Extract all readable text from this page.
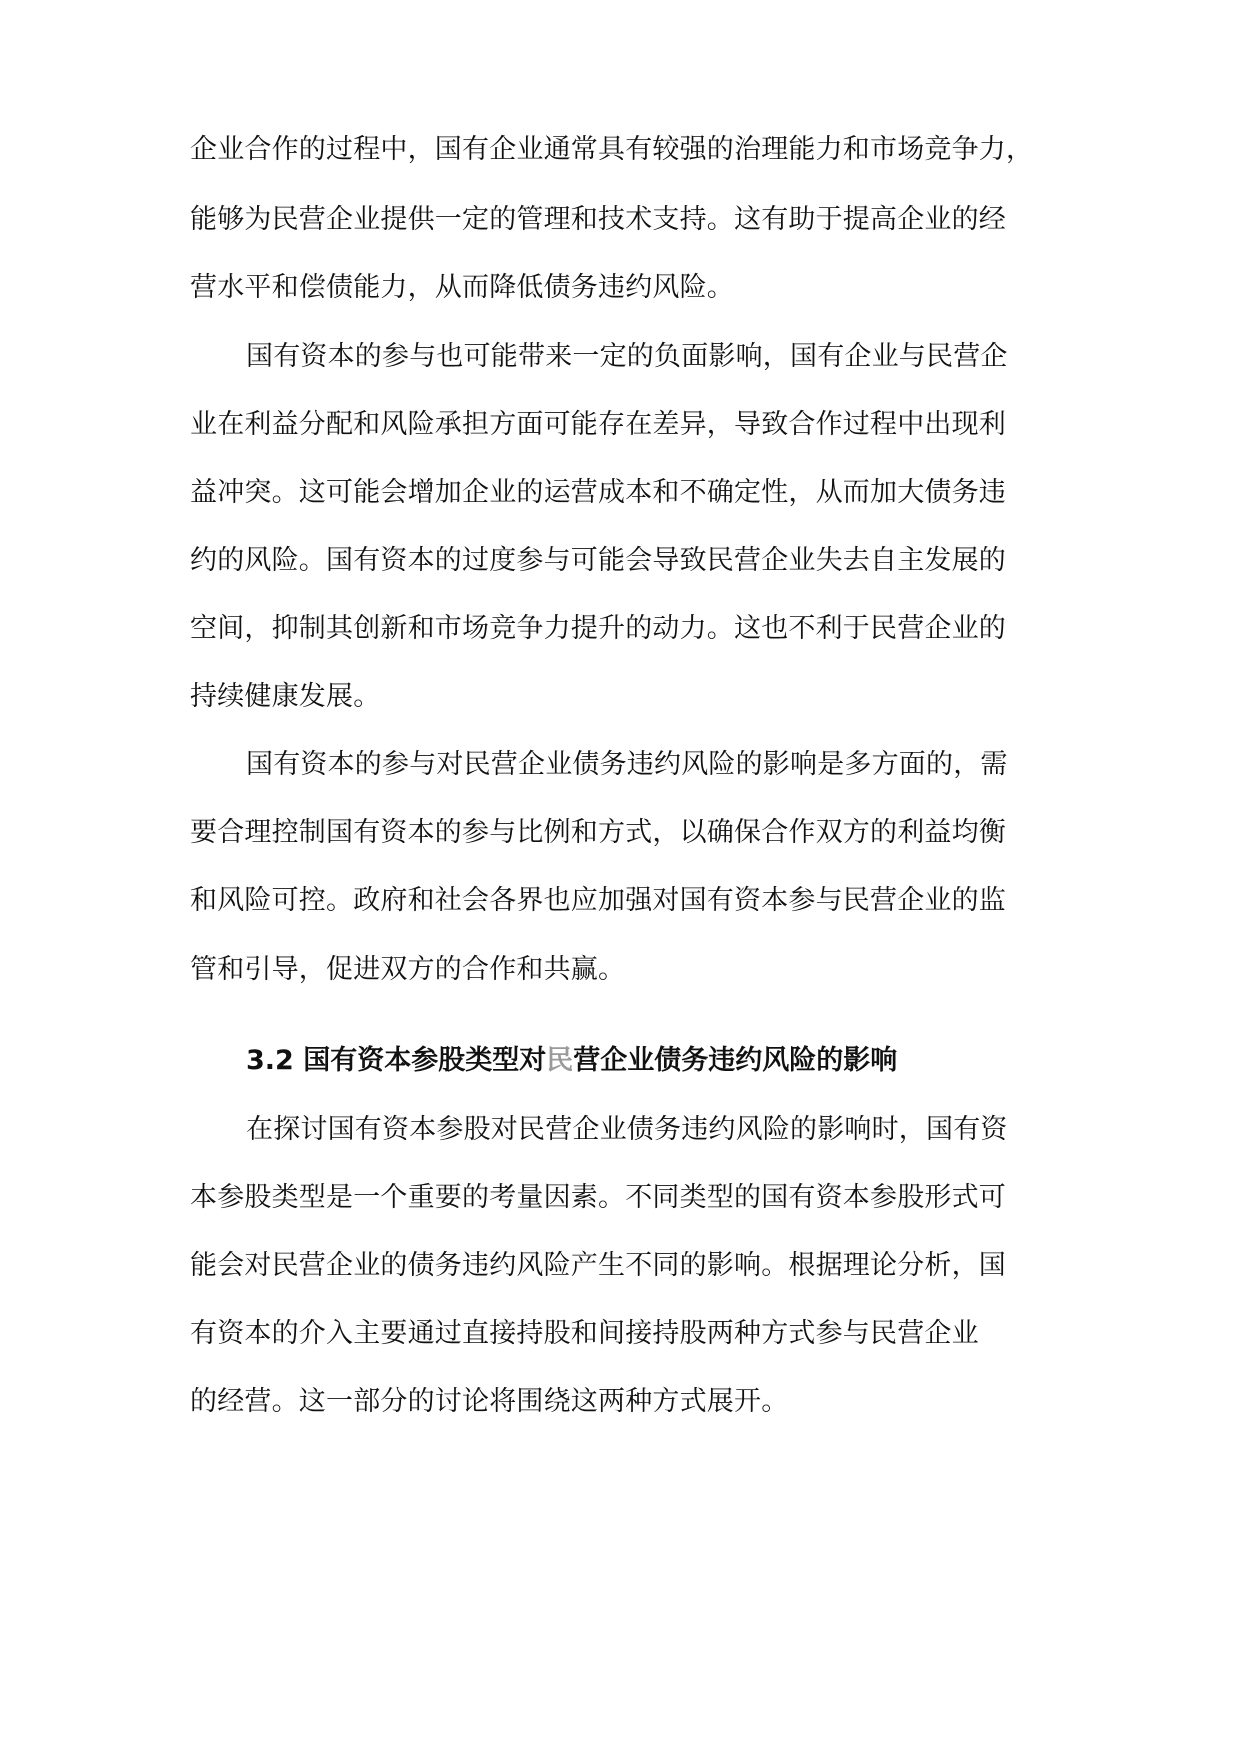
企业合作的过程中，国有企业通常具有较强的治理能力和市场竞争力，
能够为民营企业提供一定的管理和技术支持。这有助于提高企业的经
营水平和偿债能力，从而降低债务违约风险。
国有资本的参与也可能带来一定的负面影响，国有企业与民营企
业在利益分配和风险承担方面可能存在差异，导致合作过程中出现利
益冲突。这可能会增加企业的运营成本和不确定性，从而加大债务违
约的风险。国有资本的过度参与可能会导致民营企业失去自主发展的
空间，抑制其创新和市场竞争力提升的动力。这也不利于民营企业的
持续健康发展。
国有资本的参与对民营企业债务违约风险的影响是多方面的，需
要合理控制国有资本的参与比例和方式，以确保合作双方的利益均衡
和风险可控。政府和社会各界也应加强对国有资本参与民营企业的监
管和引导，促进双方的合作和共赢。
3.2 国有资本参股类型对民营企业债务违约风险的影响
在探讨国有资本参股对民营企业债务违约风险的影响时，国有资
本参股类型是一个重要的考量因素。不同类型的国有资本参股形式可
能会对民营企业的债务违约风险产生不同的影响。根据理论分析，国
有资本的介入主要通过直接持股和间接持股两种方式参与民营企业
的经营。这一部分的讨论将围绕这两种方式展开。
